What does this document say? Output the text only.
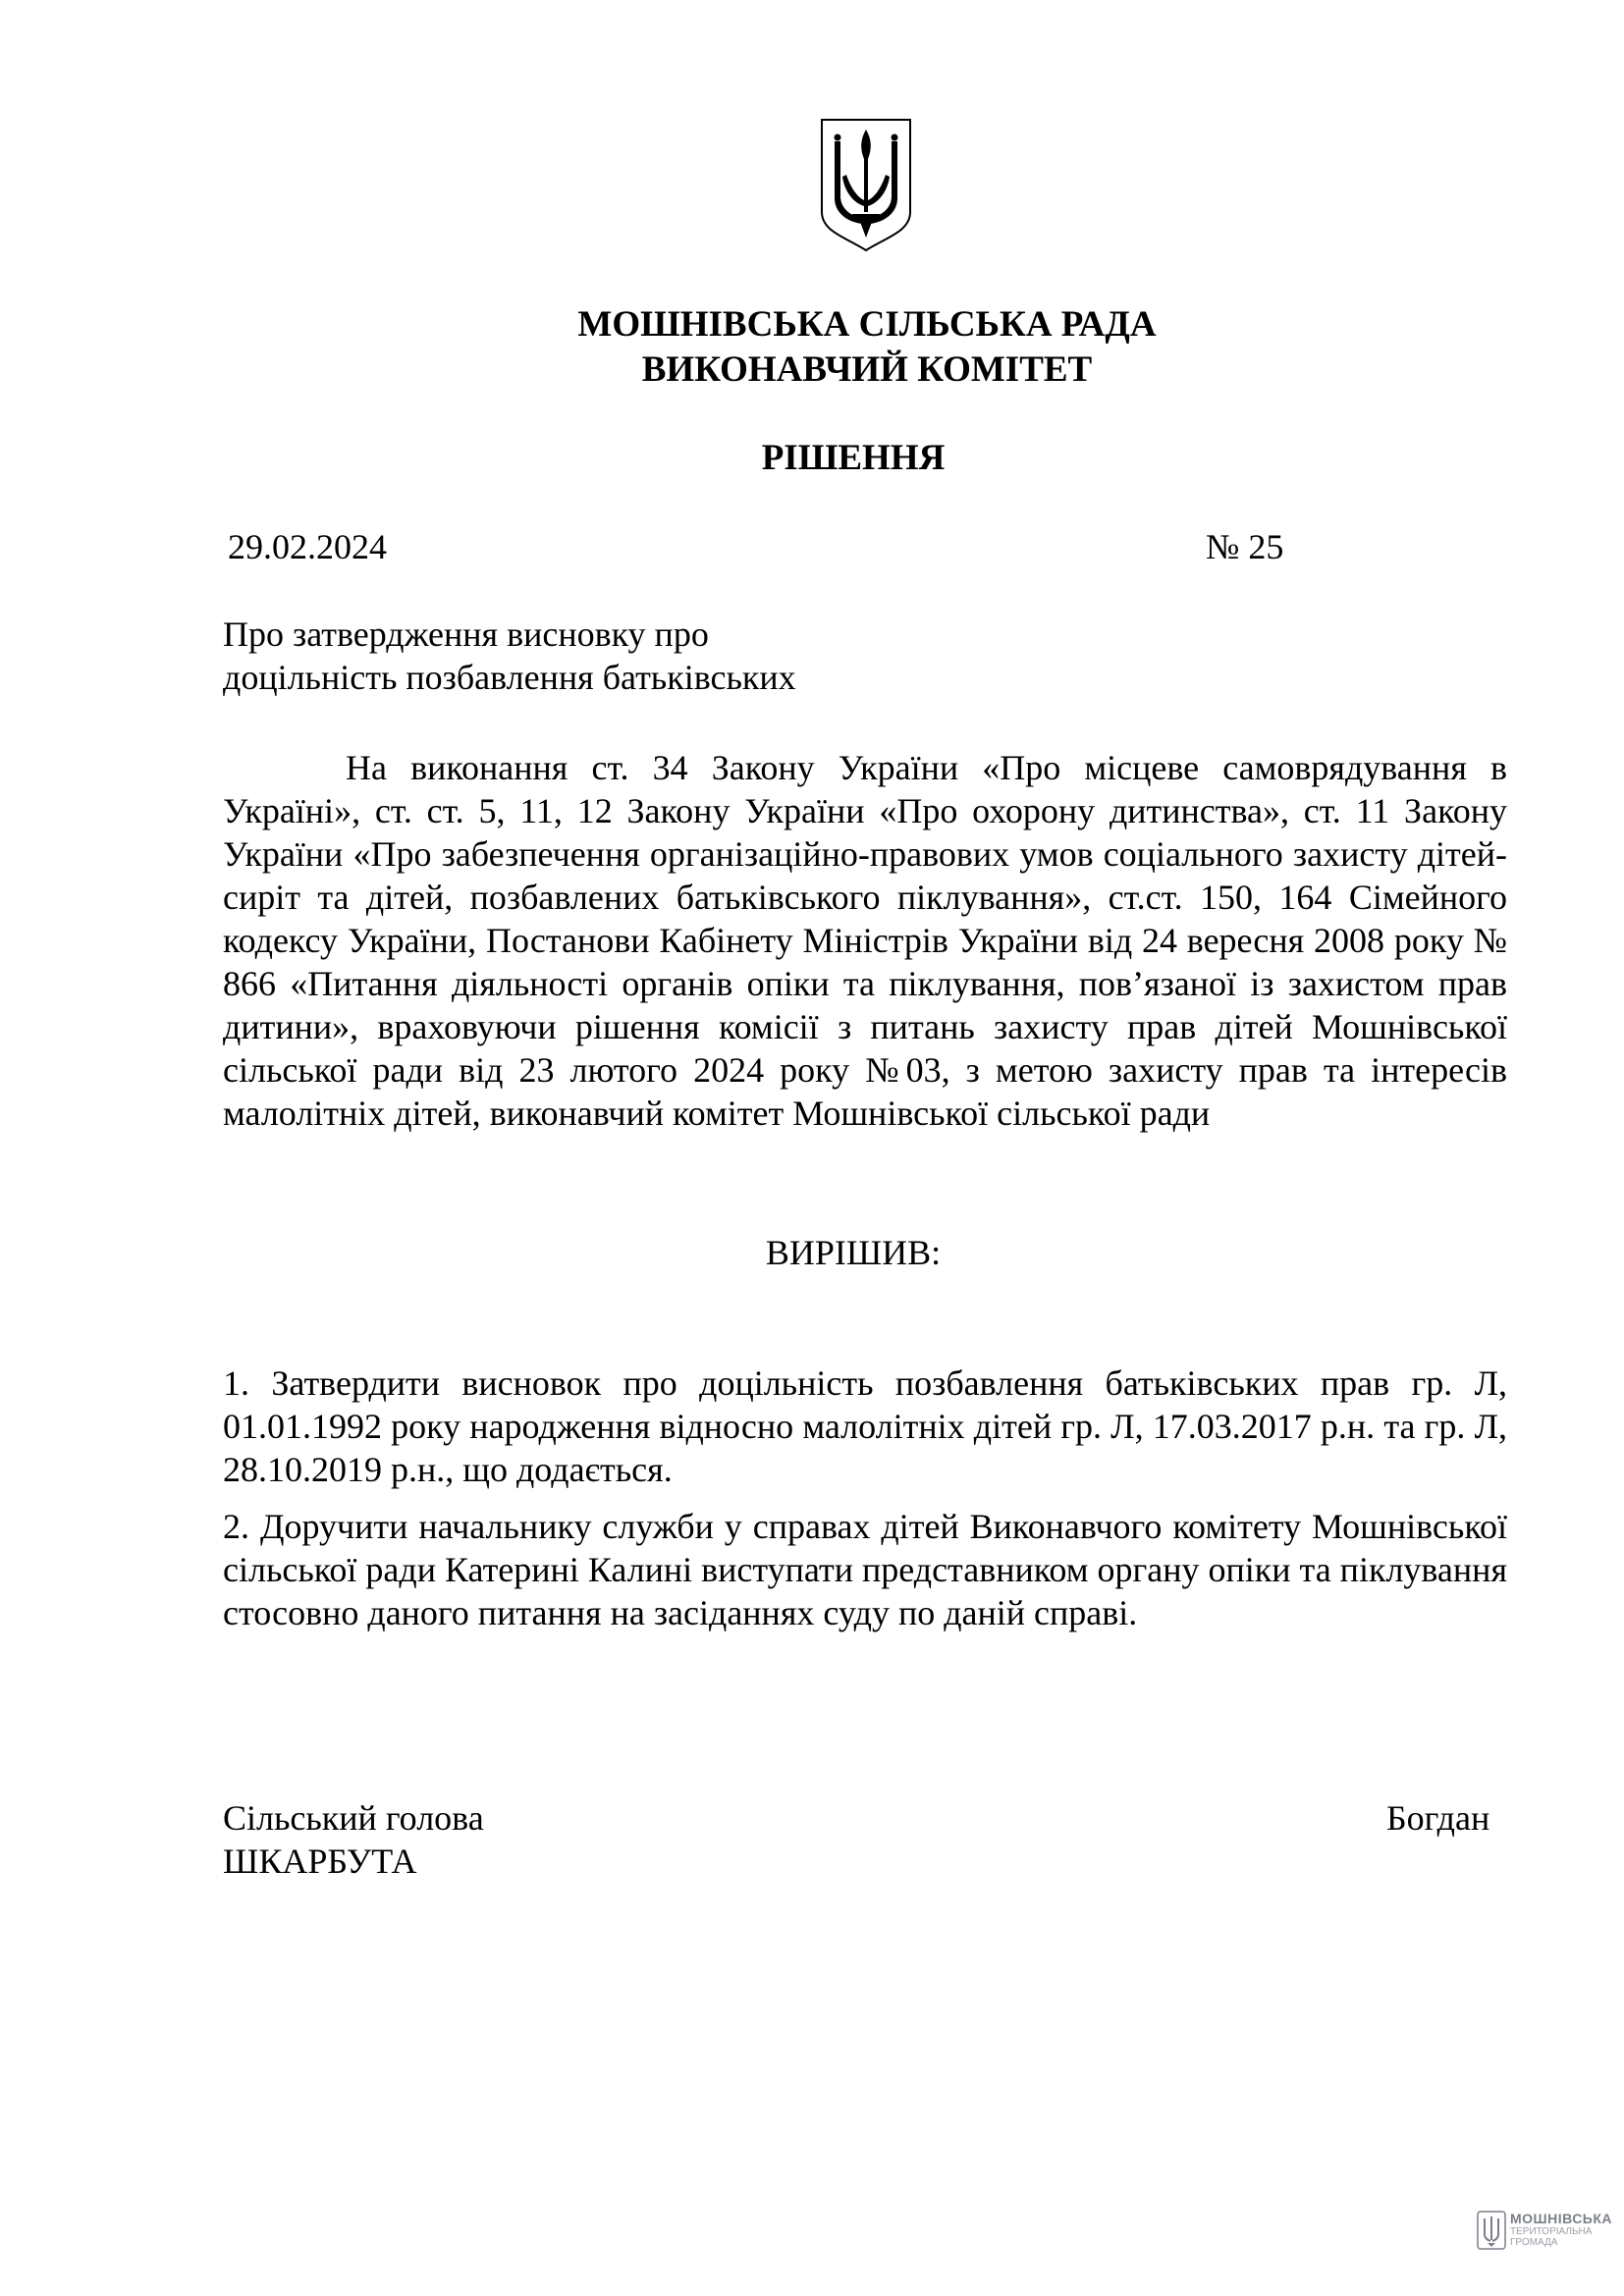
МОШНІВСЬКА СІЛЬСЬКА РАДА
ВИКОНАВЧИЙ КОМІТЕТ
РІШЕННЯ
29.02.2024	№ 25
Про затвердження висновку про
доцільність позбавлення батьківських
На виконання ст. 34 Закону України «Про місцеве самоврядування в Україні», ст. ст. 5, 11, 12 Закону України «Про охорону дитинства», ст. 11 Закону України «Про забезпечення організаційно-правових умов соціального захисту дітей-сиріт та дітей, позбавлених батьківського піклування», ст.ст. 150, 164 Сімейного кодексу України, Постанови Кабінету Міністрів України від 24 вересня 2008 року № 866 «Питання діяльності органів опіки та піклування, пов’язаної із захистом прав дитини», враховуючи рішення комісії з питань захисту прав дітей Мошнівської сільської ради від 23 лютого 2024 року №03, з метою захисту прав та інтересів малолітніх дітей, виконавчий комітет Мошнівської сільської ради
ВИРІШИВ:
1. Затвердити висновок про доцільність позбавлення батьківських прав гр. Л, 01.01.1992 року народження відносно малолітніх дітей гр. Л, 17.03.2017 р.н. та гр. Л, 28.10.2019 р.н., що додається.
2. Доручити начальнику служби у справах дітей Виконавчого комітету Мошнівської сільської ради Катерині Калині виступати представником органу опіки та піклування стосовно даного питання на засіданнях суду по даній справі.
Сільський голова	Богдан
ШКАРБУТА
МОШНІВСЬКА
ТЕРИТОРІАЛЬНА ГРОМАДА
